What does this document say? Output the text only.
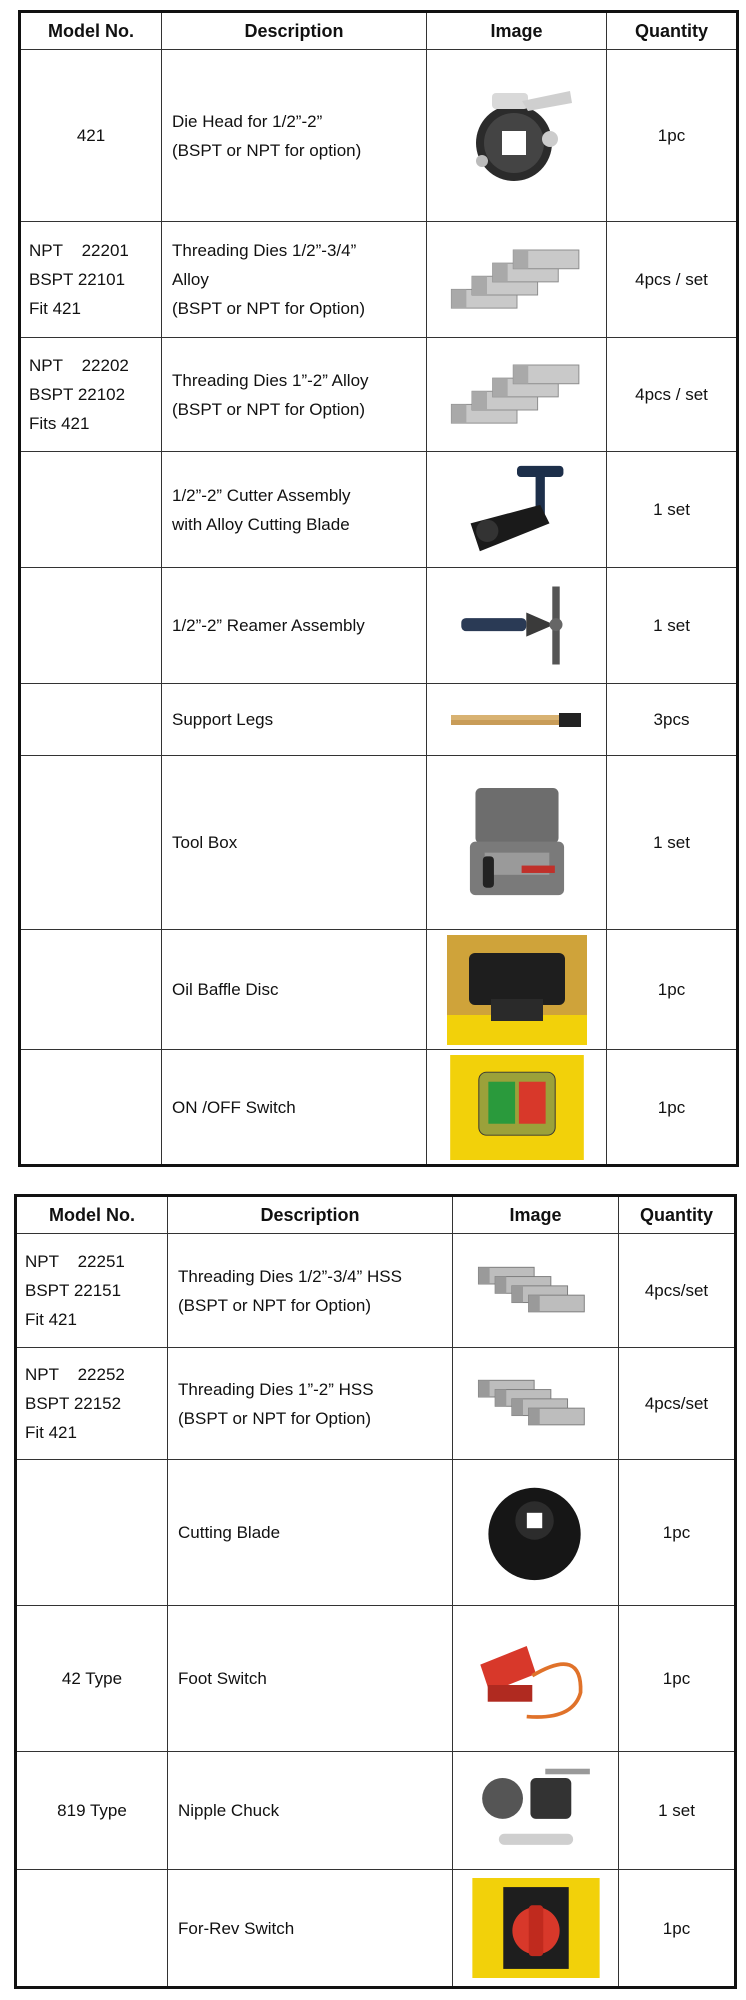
Model No.	Description	Image	Quantity

421	Die Head for 1/2”-2”
(BSPT or NPT for option)		1pc

NPT    22201
BSPT 22101
Fit 421	Threading Dies 1/2”-3/4”
Alloy
(BSPT or NPT for Option)		4pcs / set

NPT    22202
BSPT 22102
Fits 421	Threading Dies 1”-2” Alloy
(BSPT or NPT for Option)		4pcs / set

	1/2”-2” Cutter Assembly
with Alloy Cutting Blade		1 set

	1/2”-2” Reamer Assembly		1 set

	Support Legs		3pcs

	Tool Box		1 set

	Oil Baffle Disc		1pc

	ON /OFF Switch		1pc
Model No.	Description	Image	Quantity

NPT    22251
BSPT 22151
Fit 421	Threading Dies 1/2”-3/4” HSS
(BSPT or NPT for Option)		4pcs/set

NPT    22252
BSPT 22152
Fit 421	Threading Dies 1”-2” HSS
(BSPT or NPT for Option)		4pcs/set

	Cutting Blade		1pc

42 Type	Foot Switch		1pc

819 Type	Nipple Chuck		1 set

	For-Rev Switch		1pc
